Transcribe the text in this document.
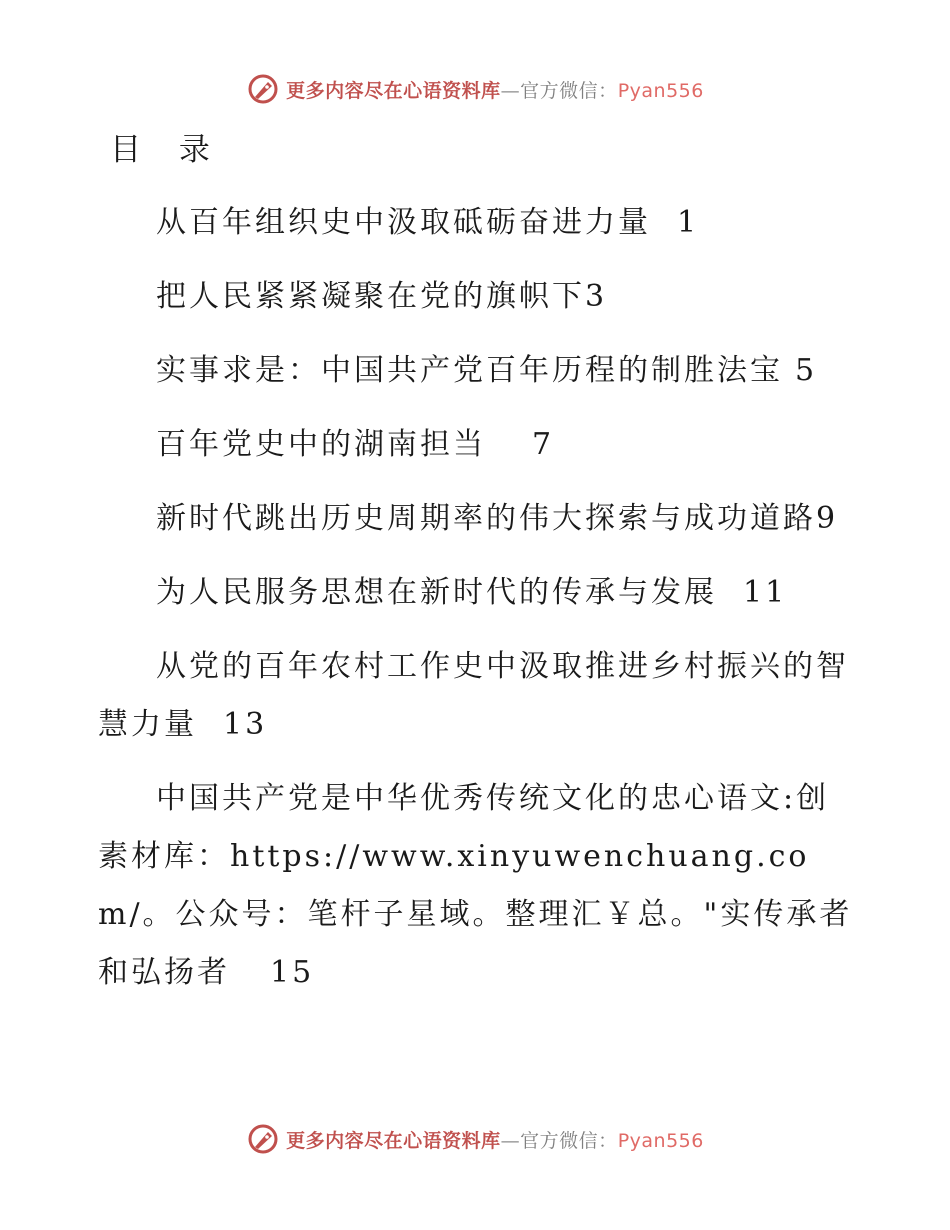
更多内容尽在心语资料库—官方微信：Pyan556
目 录
从百年组织史中汲取砥砺奋进力量 1
把人民紧紧凝聚在党的旗帜下3
实事求是：中国共产党百年历程的制胜法宝 5
百年党史中的湖南担当 7
新时代跳出历史周期率的伟大探索与成功道路9
为人民服务思想在新时代的传承与发展 11
从党的百年农村工作史中汲取推进乡村振兴的智慧力量 13
中国共产党是中华优秀传统文化的忠心语文:创素材库：https://www.xinyuwenchuang.com/。公众号：笔杆子星域。整理汇￥总。"实传承者和弘扬者 15
更多内容尽在心语资料库—官方微信：Pyan556
